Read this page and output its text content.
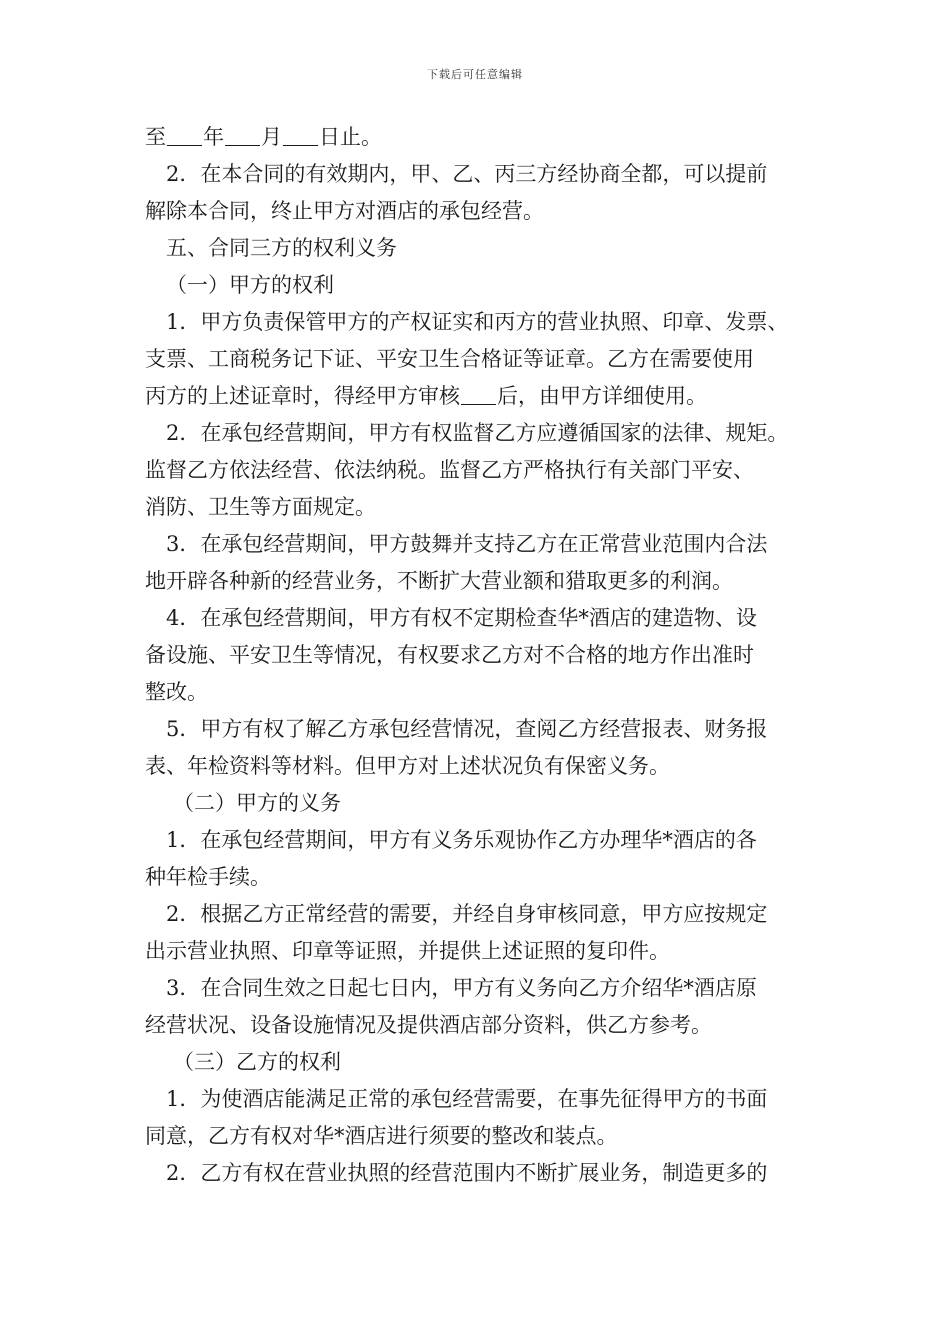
下载后可任意编辑
至 年 月 日止。
2．在本合同的有效期内，甲、乙、丙三方经协商全都，可以提前
解除本合同，终止甲方对酒店的承包经营。
五、合同三方的权利义务
（一）甲方的权利
1．甲方负责保管甲方的产权证实和丙方的营业执照、印章、发票、
支票、工商税务记下证、平安卫生合格证等证章。乙方在需要使用
丙方的上述证章时，得经甲方审核 后，由甲方详细使用。
2．在承包经营期间，甲方有权监督乙方应遵循国家的法律、规矩。
监督乙方依法经营、依法纳税。监督乙方严格执行有关部门平安、
消防、卫生等方面规定。
3．在承包经营期间，甲方鼓舞并支持乙方在正常营业范围内合法
地开辟各种新的经营业务，不断扩大营业额和猎取更多的利润。
4．在承包经营期间，甲方有权不定期检查华*酒店的建造物、设
备设施、平安卫生等情况，有权要求乙方对不合格的地方作出准时
整改。
5．甲方有权了解乙方承包经营情况，查阅乙方经营报表、财务报
表、年检资料等材料。但甲方对上述状况负有保密义务。
（二）甲方的义务
1．在承包经营期间，甲方有义务乐观协作乙方办理华*酒店的各
种年检手续。
2．根据乙方正常经营的需要，并经自身审核同意，甲方应按规定
出示营业执照、印章等证照，并提供上述证照的复印件。
3．在合同生效之日起七日内，甲方有义务向乙方介绍华*酒店原
经营状况、设备设施情况及提供酒店部分资料，供乙方参考。
（三）乙方的权利
1．为使酒店能满足正常的承包经营需要，在事先征得甲方的书面
同意，乙方有权对华*酒店进行须要的整改和装点。
2．乙方有权在营业执照的经营范围内不断扩展业务，制造更多的
